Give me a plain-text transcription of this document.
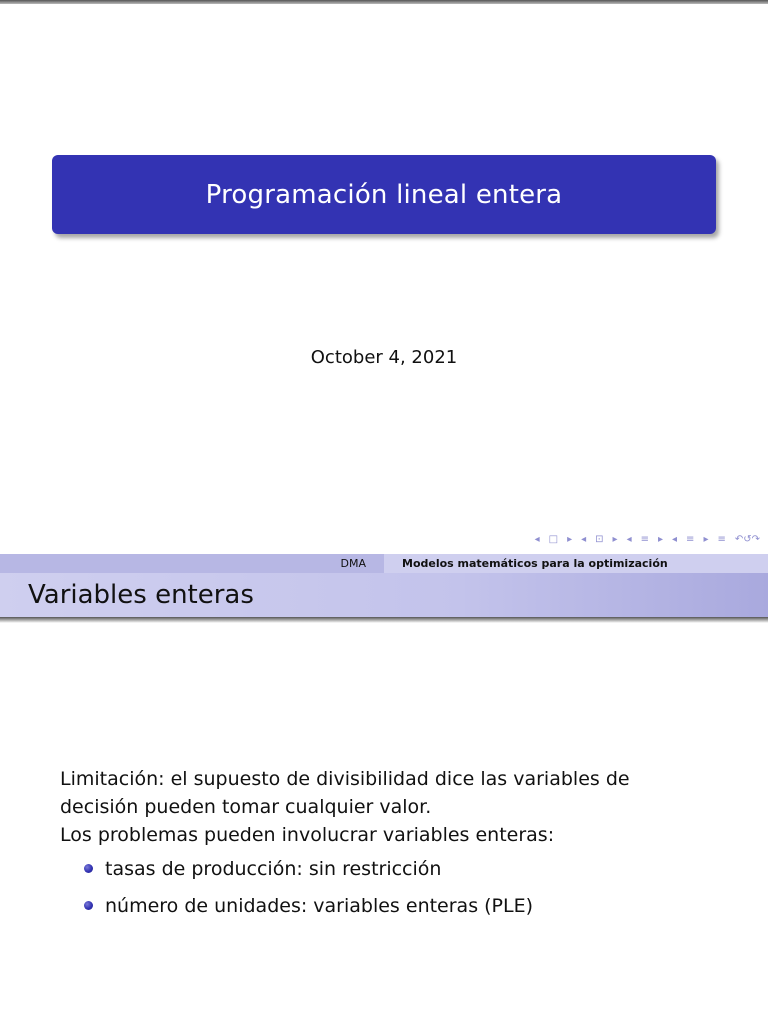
Programación lineal entera
October 4, 2021
◂ □ ▸ ◂ ⊡ ▸ ◂ ≡ ▸ ◂ ≡ ▸ ≡ ↶↺↷
DMA	Modelos matemáticos para la optimización
Variables enteras

Limitación: el supuesto de divisibilidad dice las variables de

decisión pueden tomar cualquier valor.

Los problemas pueden involucrar variables enteras:

tasas de producción: sin restricción
número de unidades: variables enteras (PLE)
